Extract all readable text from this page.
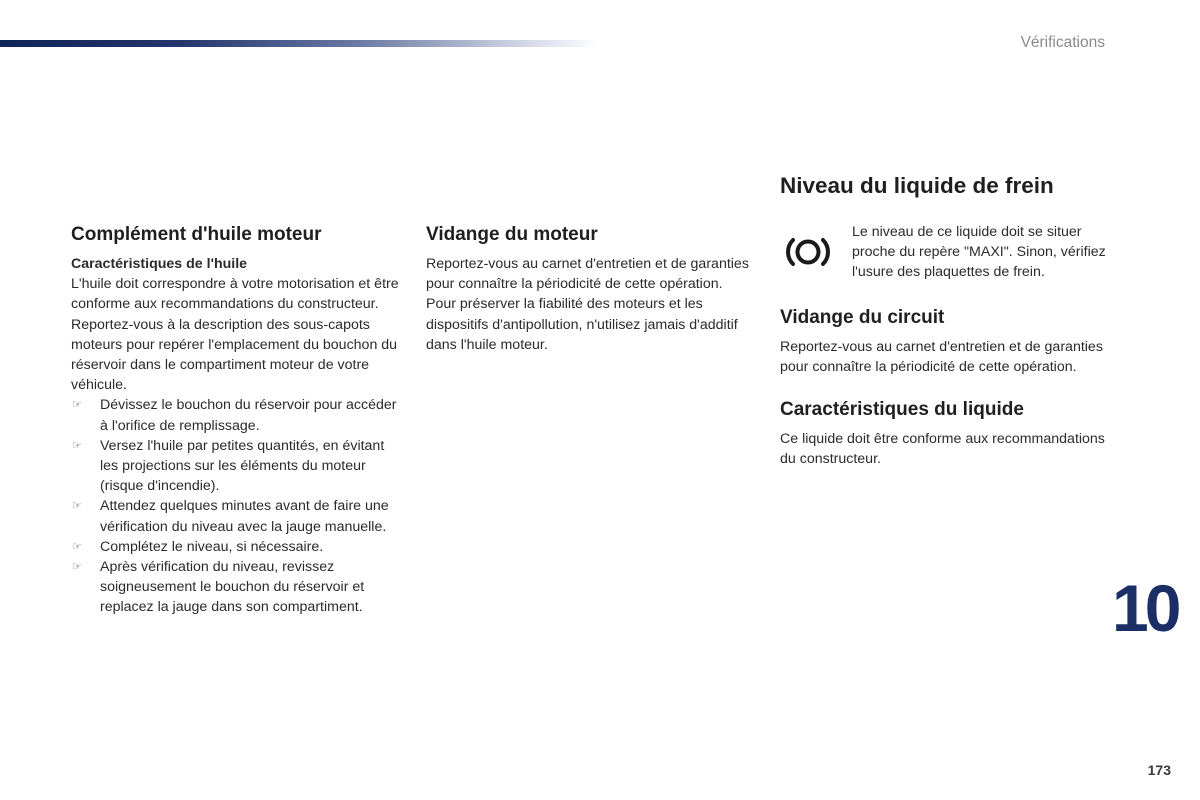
Vérifications
Complément d'huile moteur

Caractéristiques de l'huile

L'huile doit correspondre à votre motorisation et être conforme aux recommandations du constructeur.

Reportez-vous à la description des sous-capots moteurs pour repérer l'emplacement du bouchon du réservoir dans le compartiment moteur de votre véhicule.

☞ Dévissez le bouchon du réservoir pour accéder à l'orifice de remplissage.
☞ Versez l'huile par petites quantités, en évitant les projections sur les éléments du moteur (risque d'incendie).
☞ Attendez quelques minutes avant de faire une vérification du niveau avec la jauge manuelle.
☞ Complétez le niveau, si nécessaire.
☞ Après vérification du niveau, revissez soigneusement le bouchon du réservoir et replacez la jauge dans son compartiment.
Vidange du moteur

Reportez-vous au carnet d'entretien et de garanties pour connaître la périodicité de cette opération.

Pour préserver la fiabilité des moteurs et les dispositifs d'antipollution, n'utilisez jamais d'additif dans l'huile moteur.

Niveau du liquide de frein

Le niveau de ce liquide doit se situer proche du repère "MAXI". Sinon, vérifiez l'usure des plaquettes de frein.

Vidange du circuit

Reportez-vous au carnet d'entretien et de garanties pour connaître la périodicité de cette opération.

Caractéristiques du liquide

Ce liquide doit être conforme aux recommandations du constructeur.

10
173
